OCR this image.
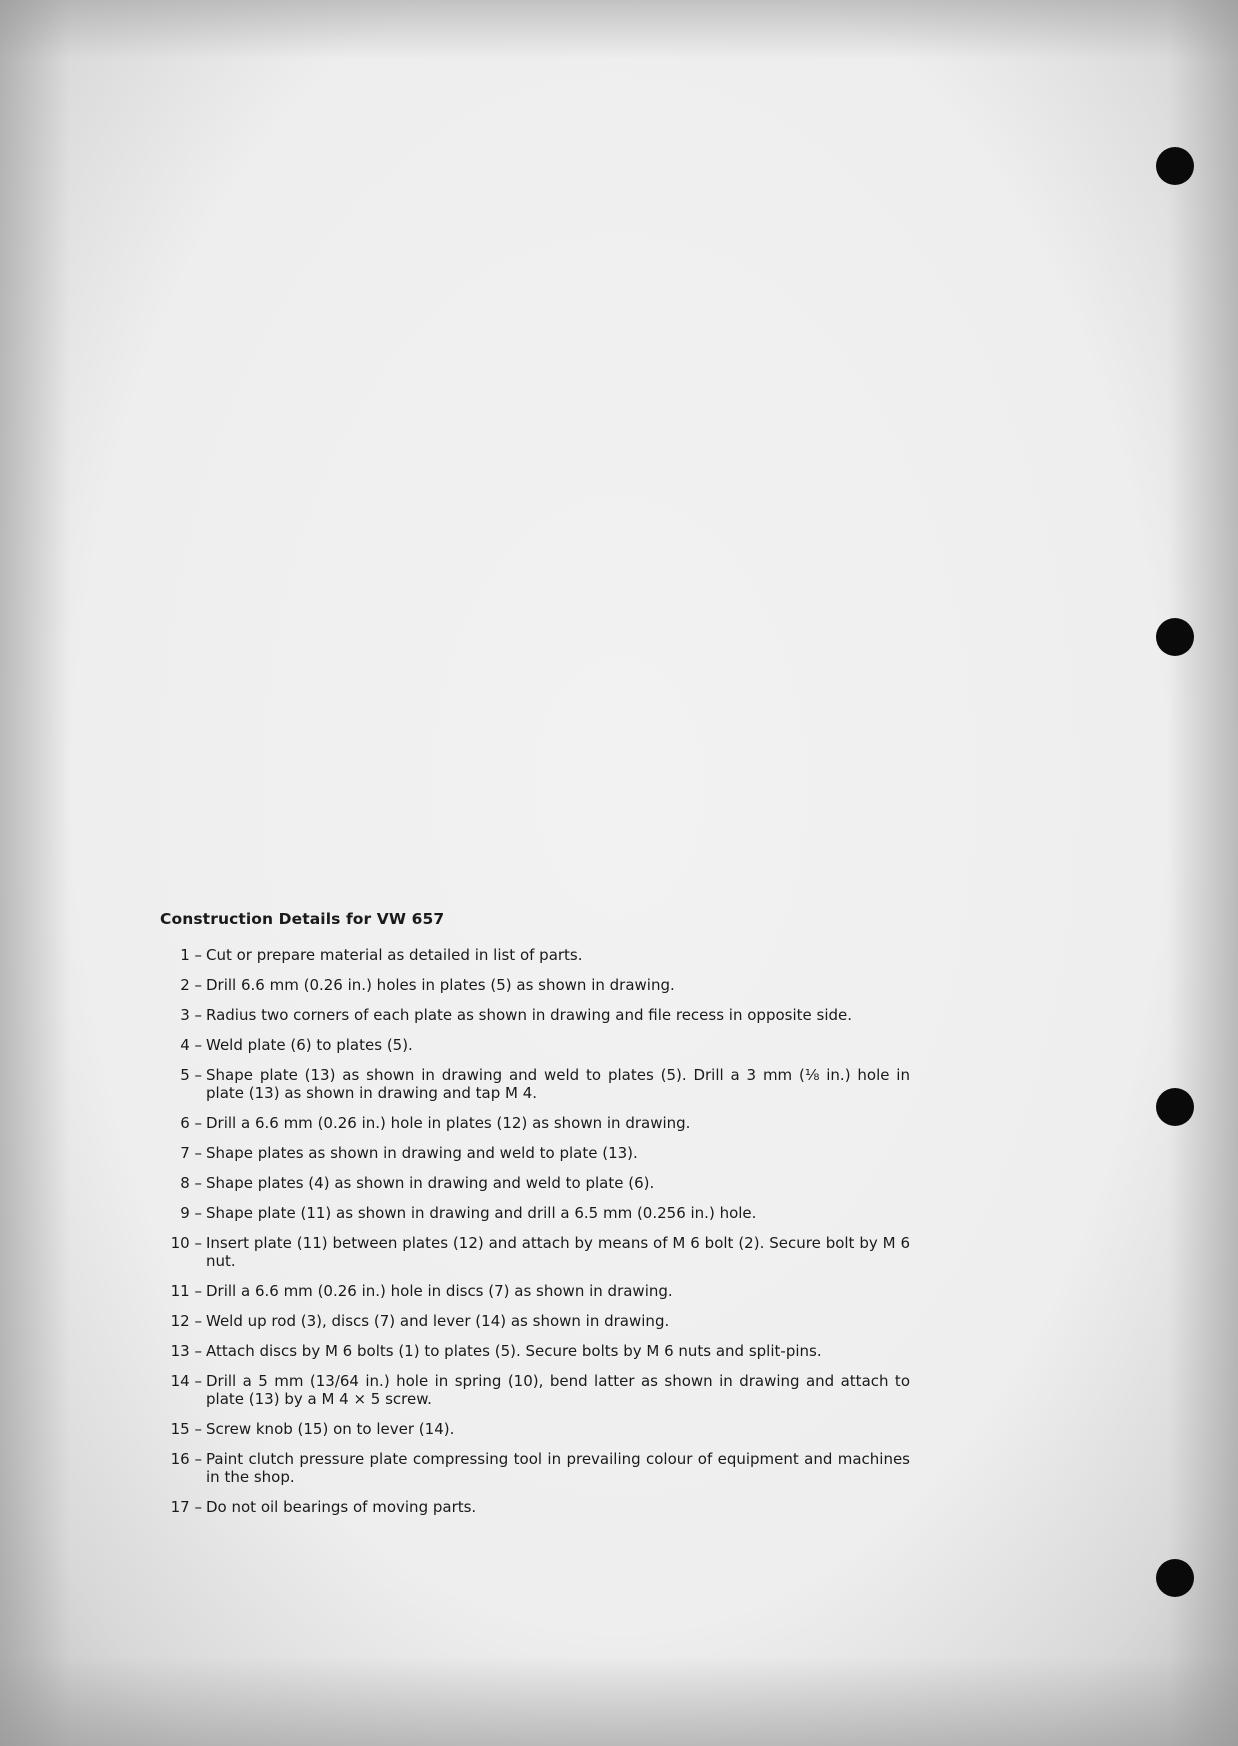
Construction Details for VW 657
1 – Cut or prepare material as detailed in list of parts.
2 – Drill 6.6 mm (0.26 in.) holes in plates (5) as shown in drawing.
3 – Radius two corners of each plate as shown in drawing and file recess in opposite side.
4 – Weld plate (6) to plates (5).
5 – Shape plate (13) as shown in drawing and weld to plates (5). Drill a 3 mm (⅛ in.) hole in plate (13) as shown in drawing and tap M 4.
6 – Drill a 6.6 mm (0.26 in.) hole in plates (12) as shown in drawing.
7 – Shape plates as shown in drawing and weld to plate (13).
8 – Shape plates (4) as shown in drawing and weld to plate (6).
9 – Shape plate (11) as shown in drawing and drill a 6.5 mm (0.256 in.) hole.
10 – Insert plate (11) between plates (12) and attach by means of M 6 bolt (2). Secure bolt by M 6 nut.
11 – Drill a 6.6 mm (0.26 in.) hole in discs (7) as shown in drawing.
12 – Weld up rod (3), discs (7) and lever (14) as shown in drawing.
13 – Attach discs by M 6 bolts (1) to plates (5). Secure bolts by M 6 nuts and split-pins.
14 – Drill a 5 mm (13/64 in.) hole in spring (10), bend latter as shown in drawing and attach to plate (13) by a M 4 × 5 screw.
15 – Screw knob (15) on to lever (14).
16 – Paint clutch pressure plate compressing tool in prevailing colour of equipment and machines in the shop.
17 – Do not oil bearings of moving parts.
